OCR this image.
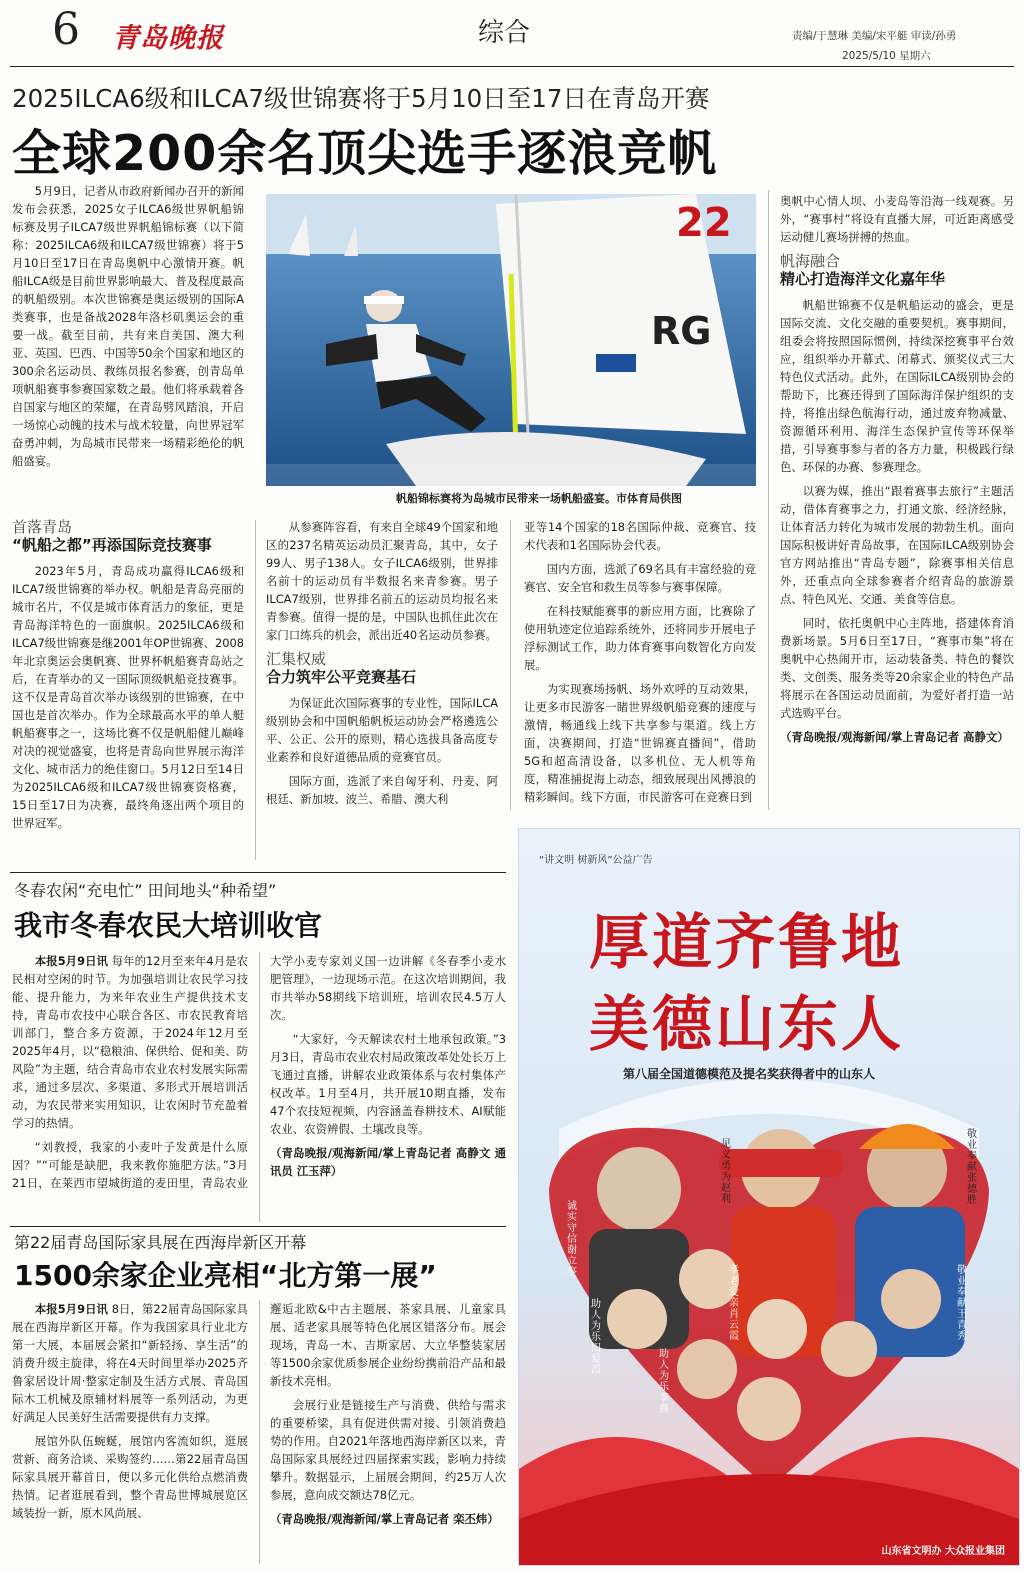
6 青岛晚报	综合	责编/于慧琳 美编/宋平艇 审读/孙勇
2025/5/10 星期六
2025ILCA6级和ILCA7级世锦赛将于5月10日至17日在青岛开赛
全球200余名顶尖选手逐浪竞帆

5月9日，记者从市政府新闻办召开的新闻发布会获悉，2025女子ILCA6级世界帆船锦标赛及男子ILCA7级世界帆船锦标赛（以下简称：2025ILCA6级和ILCA7级世锦赛）将于5月10日至17日在青岛奥帆中心激情开赛。帆船ILCA级是目前世界影响最大、普及程度最高的帆船级别。本次世锦赛是奥运级别的国际A类赛事，也是备战2028年洛杉矶奥运会的重要一战。截至目前，共有来自美国、澳大利亚、英国、巴西、中国等50余个国家和地区的300余名运动员、教练员报名参赛，创青岛单项帆船赛事参赛国家数之最。他们将承载着各自国家与地区的荣耀，在青岛劈风踏浪，开启一场惊心动魄的技术与战术较量，向世界冠军奋勇冲刺，为岛城市民带来一场精彩绝伦的帆船盛宴。

22
RG
帆船锦标赛将为岛城市民带来一场帆船盛宴。市体育局供图
首落青岛
“帆船之都”再添国际竞技赛事

2023年5月，青岛成功赢得ILCA6级和ILCA7级世锦赛的举办权。帆船是青岛亮丽的城市名片，不仅是城市体育活力的象征，更是青岛海洋特色的一面旗帜。2025ILCA6级和ILCA7级世锦赛是继2001年OP世锦赛、2008年北京奥运会奥帆赛、世界杯帆船赛青岛站之后，在青举办的又一国际顶级帆船竞技赛事。这不仅是青岛首次举办该级别的世锦赛，在中国也是首次举办。作为全球最高水平的单人艇帆船赛事之一，这场比赛不仅是帆船健儿巅峰对决的视觉盛宴，也将是青岛向世界展示海洋文化、城市活力的绝佳窗口。5月12日至14日为2025ILCA6级和ILCA7级世锦赛资格赛，15日至17日为决赛，最终角逐出两个项目的世界冠军。

从参赛阵容看，有来自全球49个国家和地区的237名精英运动员汇聚青岛，其中，女子99人、男子138人。女子ILCA6级别，世界排名前十的运动员有半数报名来青参赛。男子ILCA7级别，世界排名前五的运动员均报名来青参赛。值得一提的是，中国队也抓住此次在家门口练兵的机会，派出近40名运动员参赛。

汇集权威
合力筑牢公平竞赛基石

为保证此次国际赛事的专业性，国际ILCA级别协会和中国帆船帆板运动协会严格遴选公平、公正、公开的原则，精心选拔具备高度专业素养和良好道德品质的竞赛官员。

国际方面，选派了来自匈牙利、丹麦、阿根廷、新加坡、波兰、希腊、澳大利

亚等14个国家的18名国际仲裁、竞赛官、技术代表和1名国际协会代表。

国内方面，选派了69名具有丰富经验的竞赛官、安全官和救生员等参与赛事保障。

在科技赋能赛事的新应用方面，比赛除了使用轨迹定位追踪系统外，还将同步开展电子浮标测试工作，助力体育赛事向数智化方向发展。

为实现赛场扬帆、场外欢呼的互动效果，让更多市民游客一睹世界级帆船竞赛的速度与激情，畅通线上线下共享参与渠道。线上方面，决赛期间，打造“世锦赛直播间”，借助5G和超高清设备，以多机位、无人机等角度，精准捕捉海上动态，细致展现出风搏浪的精彩瞬间。线下方面，市民游客可在竞赛日到

奥帆中心情人坝、小麦岛等沿海一线观赛。另外，“赛事村”将设有直播大屏，可近距离感受运动健儿赛场拼搏的热血。

帆海融合
精心打造海洋文化嘉年华

帆船世锦赛不仅是帆船运动的盛会，更是国际交流、文化交融的重要契机。赛事期间，组委会将按照国际惯例，持续深挖赛事平台效应，组织举办开幕式、闭幕式、颁奖仪式三大特色仪式活动。此外，在国际ILCA级别协会的帮助下，比赛还得到了国际海洋保护组织的支持，将推出绿色航海行动，通过废弃物减量、资源循环利用、海洋生态保护宣传等环保举措，引导赛事参与者的各方力量，积极践行绿色、环保的办赛、参赛理念。

以赛为媒，推出“跟着赛事去旅行”主题活动，借体育赛事之力，打通文旅、经济经脉，让体育活力转化为城市发展的勃勃生机。面向国际积极讲好青岛故事，在国际ILCA级别协会官方网站推出“青岛专题”，除赛事相关信息外，还重点向全球参赛者介绍青岛的旅游景点、特色风光、交通、美食等信息。

同时，依托奥帆中心主阵地，搭建体育消费新场景。5月6日至17日，“赛事市集”将在奥帆中心热闹开市，运动装备类、特色的餐饮类、文创类、服务类等20余家企业的特色产品将展示在各国运动员面前，为爱好者打造一站式选购平台。

（青岛晚报/观海新闻/掌上青岛记者 高静文）

冬春农闲“充电忙” 田间地头“种希望”
我市冬春农民大培训收官

本报5月9日讯 每年的12月至来年4月是农民相对空闲的时节。为加强培训让农民学习技能、提升能力，为来年农业生产提供技术支持，青岛市农技中心联合各区、市农民教育培训部门，整合多方资源，于2024年12月至2025年4月，以“稳粮油、保供给、促和美、防风险”为主题，结合青岛市农业农村发展实际需求，通过多层次、多渠道、多形式开展培训活动，为农民带来实用知识，让农闲时节充盈着学习的热情。

“刘教授，我家的小麦叶子发黄是什么原因？”“可能是缺肥，我来教你施肥方法。”3月21日，在莱西市望城街道的麦田里，青岛农业大学小麦专家刘义国一边讲解《冬春季小麦水肥管理》，一边现场示范。在这次培训期间，我市共举办58期线下培训班，培训农民4.5万人次。

“大家好，今天解读农村土地承包政策。”3月3日，青岛市农业农村局政策改革处处长万上飞通过直播，讲解农业政策体系与农村集体产权改革。1月至4月，共开展10期直播，发布47个农技短视频，内容涵盖春耕技术、AI赋能农业、农资辨假、土壤改良等。

（青岛晚报/观海新闻/掌上青岛记者 高静文 通讯员 江玉萍）

第22届青岛国际家具展在西海岸新区开幕
1500余家企业亮相“北方第一展”

本报5月9日讯 8日，第22届青岛国际家具展在西海岸新区开幕。作为我国家具行业北方第一大展，本届展会紧扣“新轻扬、享生活”的消费升级主旋律，将在4天时间里举办2025齐鲁家居设计周·整家定制及生活方式展、青岛国际木工机械及原辅材料展等一系列活动，为更好满足人民美好生活需要提供有力支撑。

展馆外队伍蜿蜒，展馆内客流如织，逛展赏新、商务洽谈、采购签约……第22届青岛国际家具展开幕首日，便以多元化供给点燃消费热情。记者逛展看到，整个青岛世博城展览区域装扮一新，原木风尚展、

邂逅北欧&中古主题展、茶家具展、儿童家具展、适老家具展等特色化展区错落分布。展会现场，青岛一木、吉斯家居、大立华整装家居等1500余家优质参展企业纷纷携前沿产品和最新技术亮相。

会展行业是链接生产与消费、供给与需求的重要桥梁，具有促进供需对接、引领消费趋势的作用。自2021年落地西海岸新区以来，青岛国际家具展经过四届探索实践，影响力持续攀升。数据显示，上届展会期间，约25万人次参展，意向成交额达78亿元。

（青岛晚报/观海新闻/掌上青岛记者 栾丕炜）

“讲文明 树新风”公益广告
厚道齐鲁地
美德山东人
第八届全国道德模范及提名奖获得者中的山东人
诚实守信 谢立亭
见义勇为 赵利
敬业奉献 张德胜
助人为乐 田爱霞
孝老爱亲 肖云霞
助人为乐 李燕
敬业奉献 王青秀
山东省文明办 大众报业集团
